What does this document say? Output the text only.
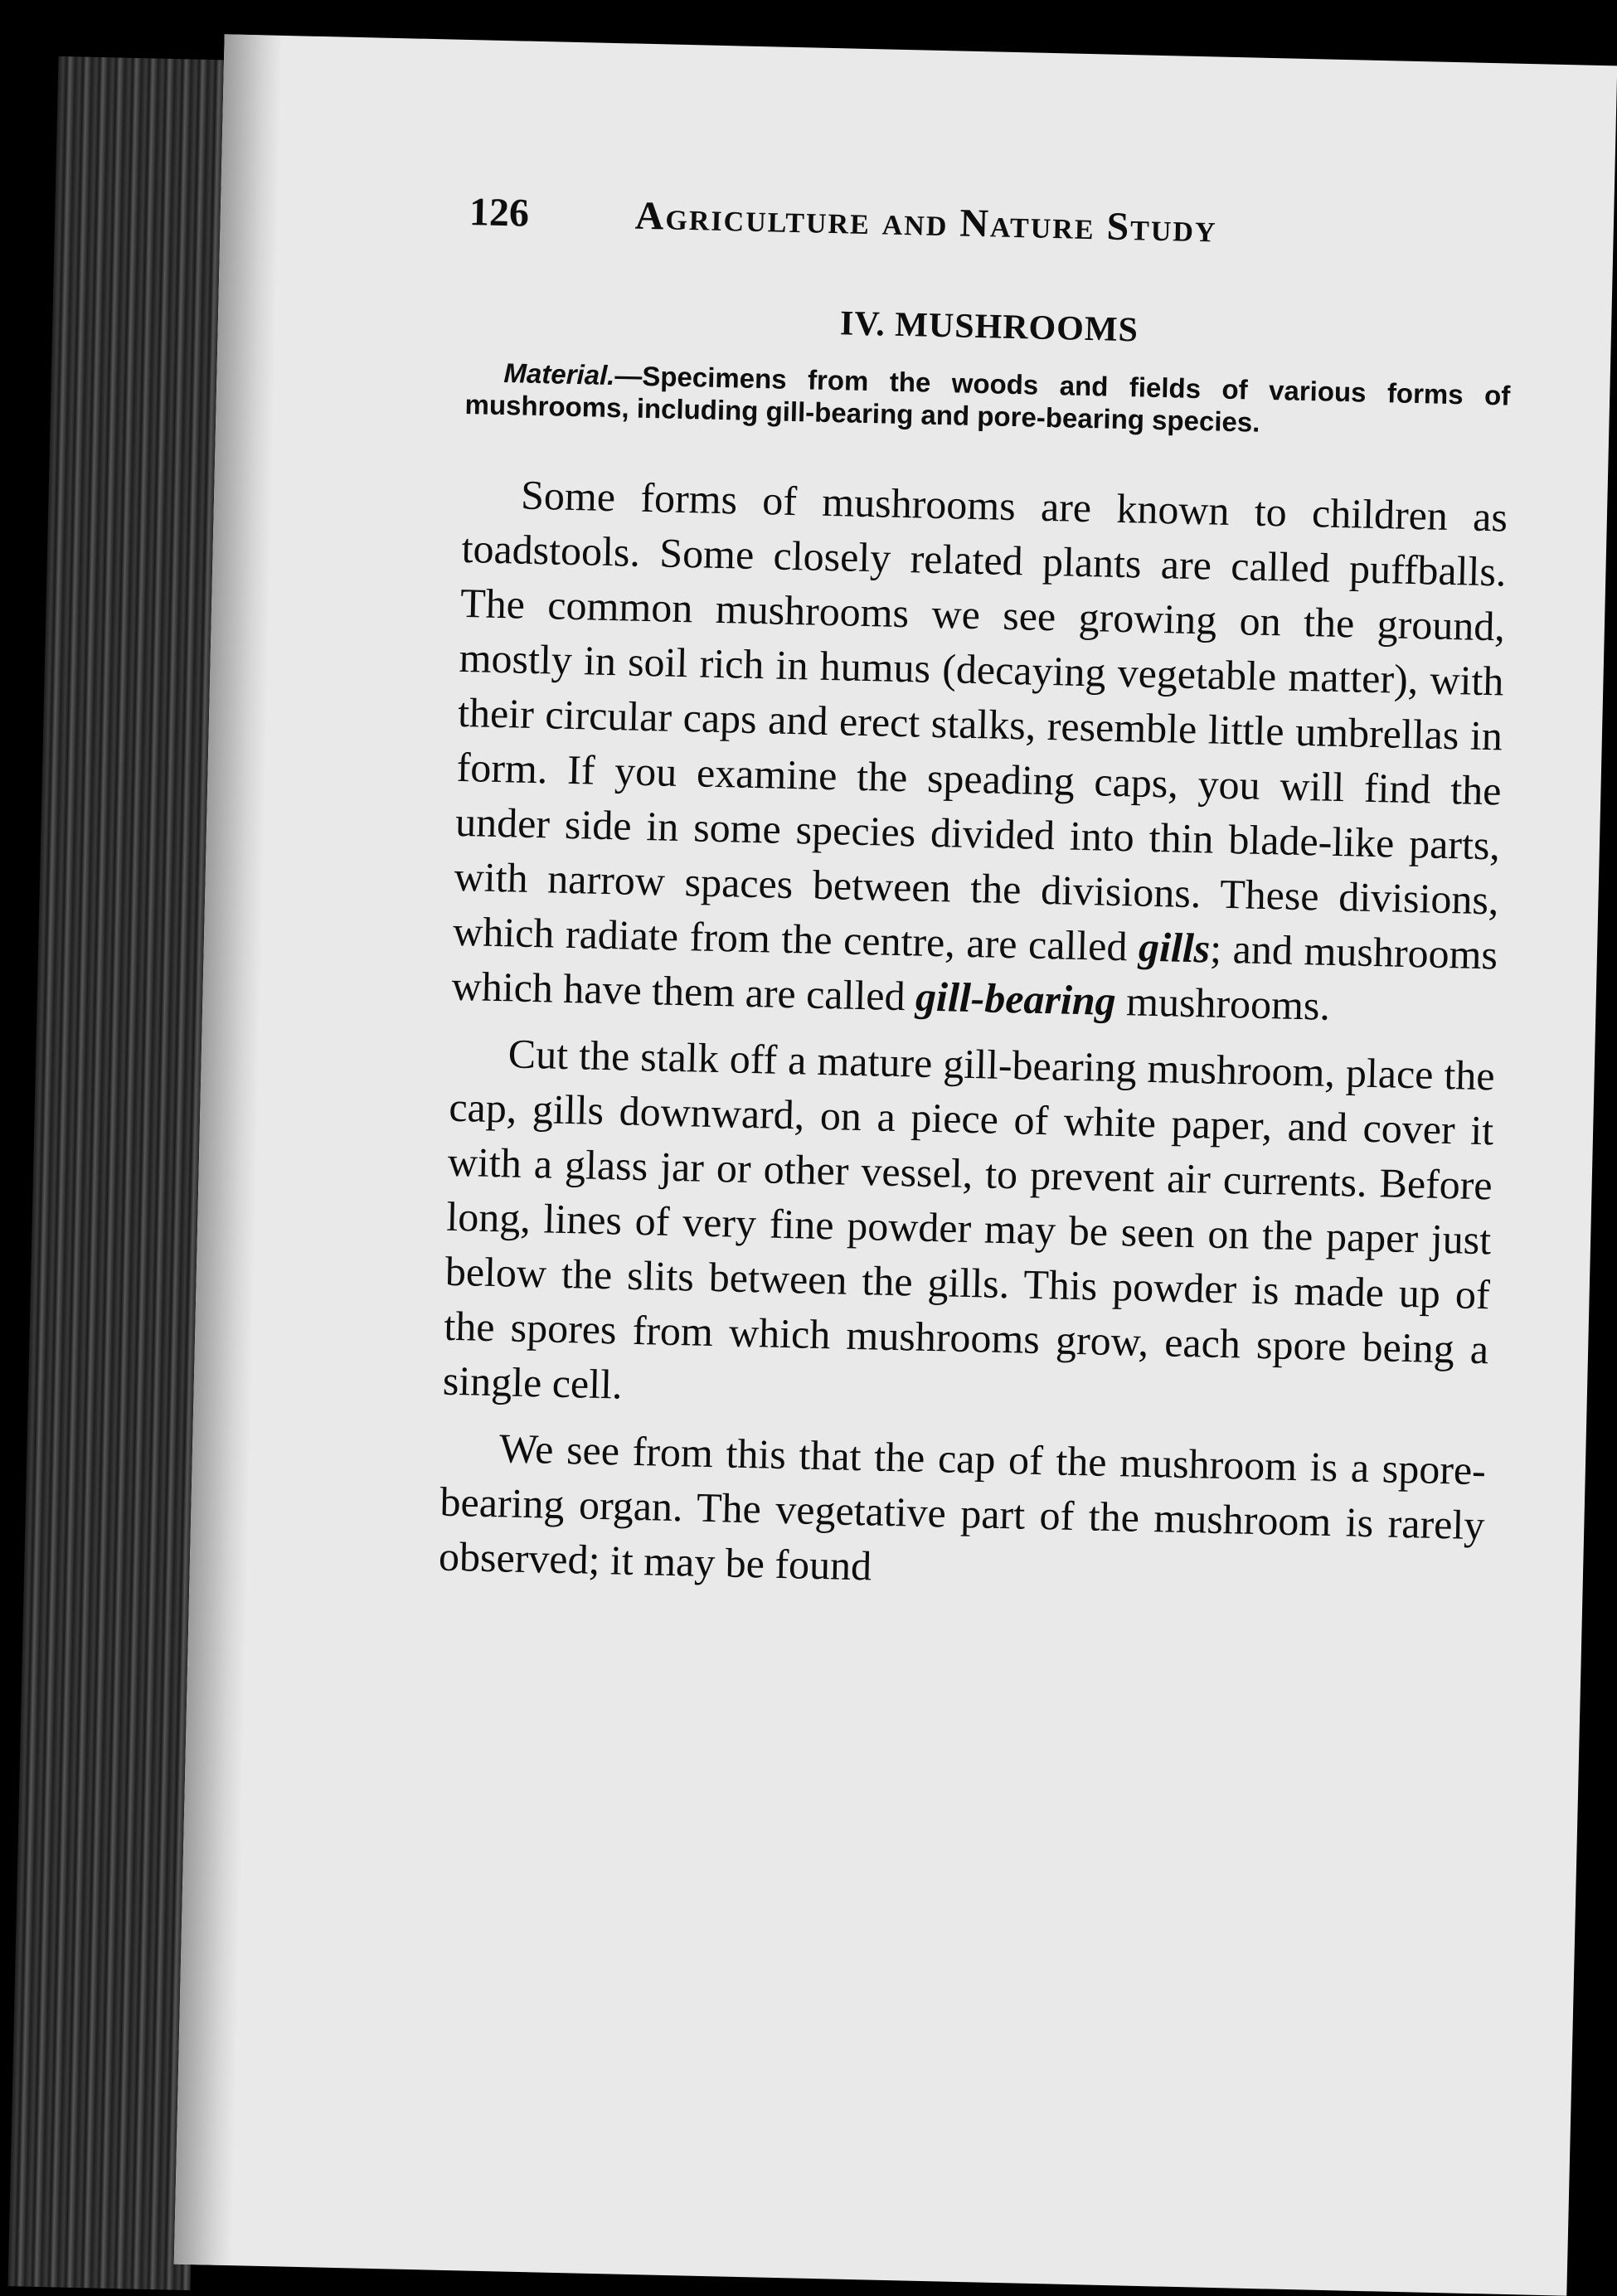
126	Agriculture and Nature Study
IV. MUSHROOMS
Material.—Specimens from the woods and fields of various forms of mushrooms, including gill-bearing and pore-bearing species.

Some forms of mushrooms are known to children as toadstools. Some closely related plants are called puffballs. The common mushrooms we see growing on the ground, mostly in soil rich in humus (decaying vegetable matter), with their circular caps and erect stalks, resemble little umbrellas in form. If you examine the speading caps, you will find the under side in some species divided into thin blade-like parts, with narrow spaces between the divisions. These divisions, which radiate from the centre, are called gills; and mushrooms which have them are called gill-bearing mushrooms.

Cut the stalk off a mature gill-bearing mushroom, place the cap, gills downward, on a piece of white paper, and cover it with a glass jar or other vessel, to prevent air currents. Before long, lines of very fine powder may be seen on the paper just below the slits between the gills. This powder is made up of the spores from which mushrooms grow, each spore being a single cell.

We see from this that the cap of the mushroom is a spore-bearing organ. The vegetative part of the mushroom is rarely observed; it may be found
